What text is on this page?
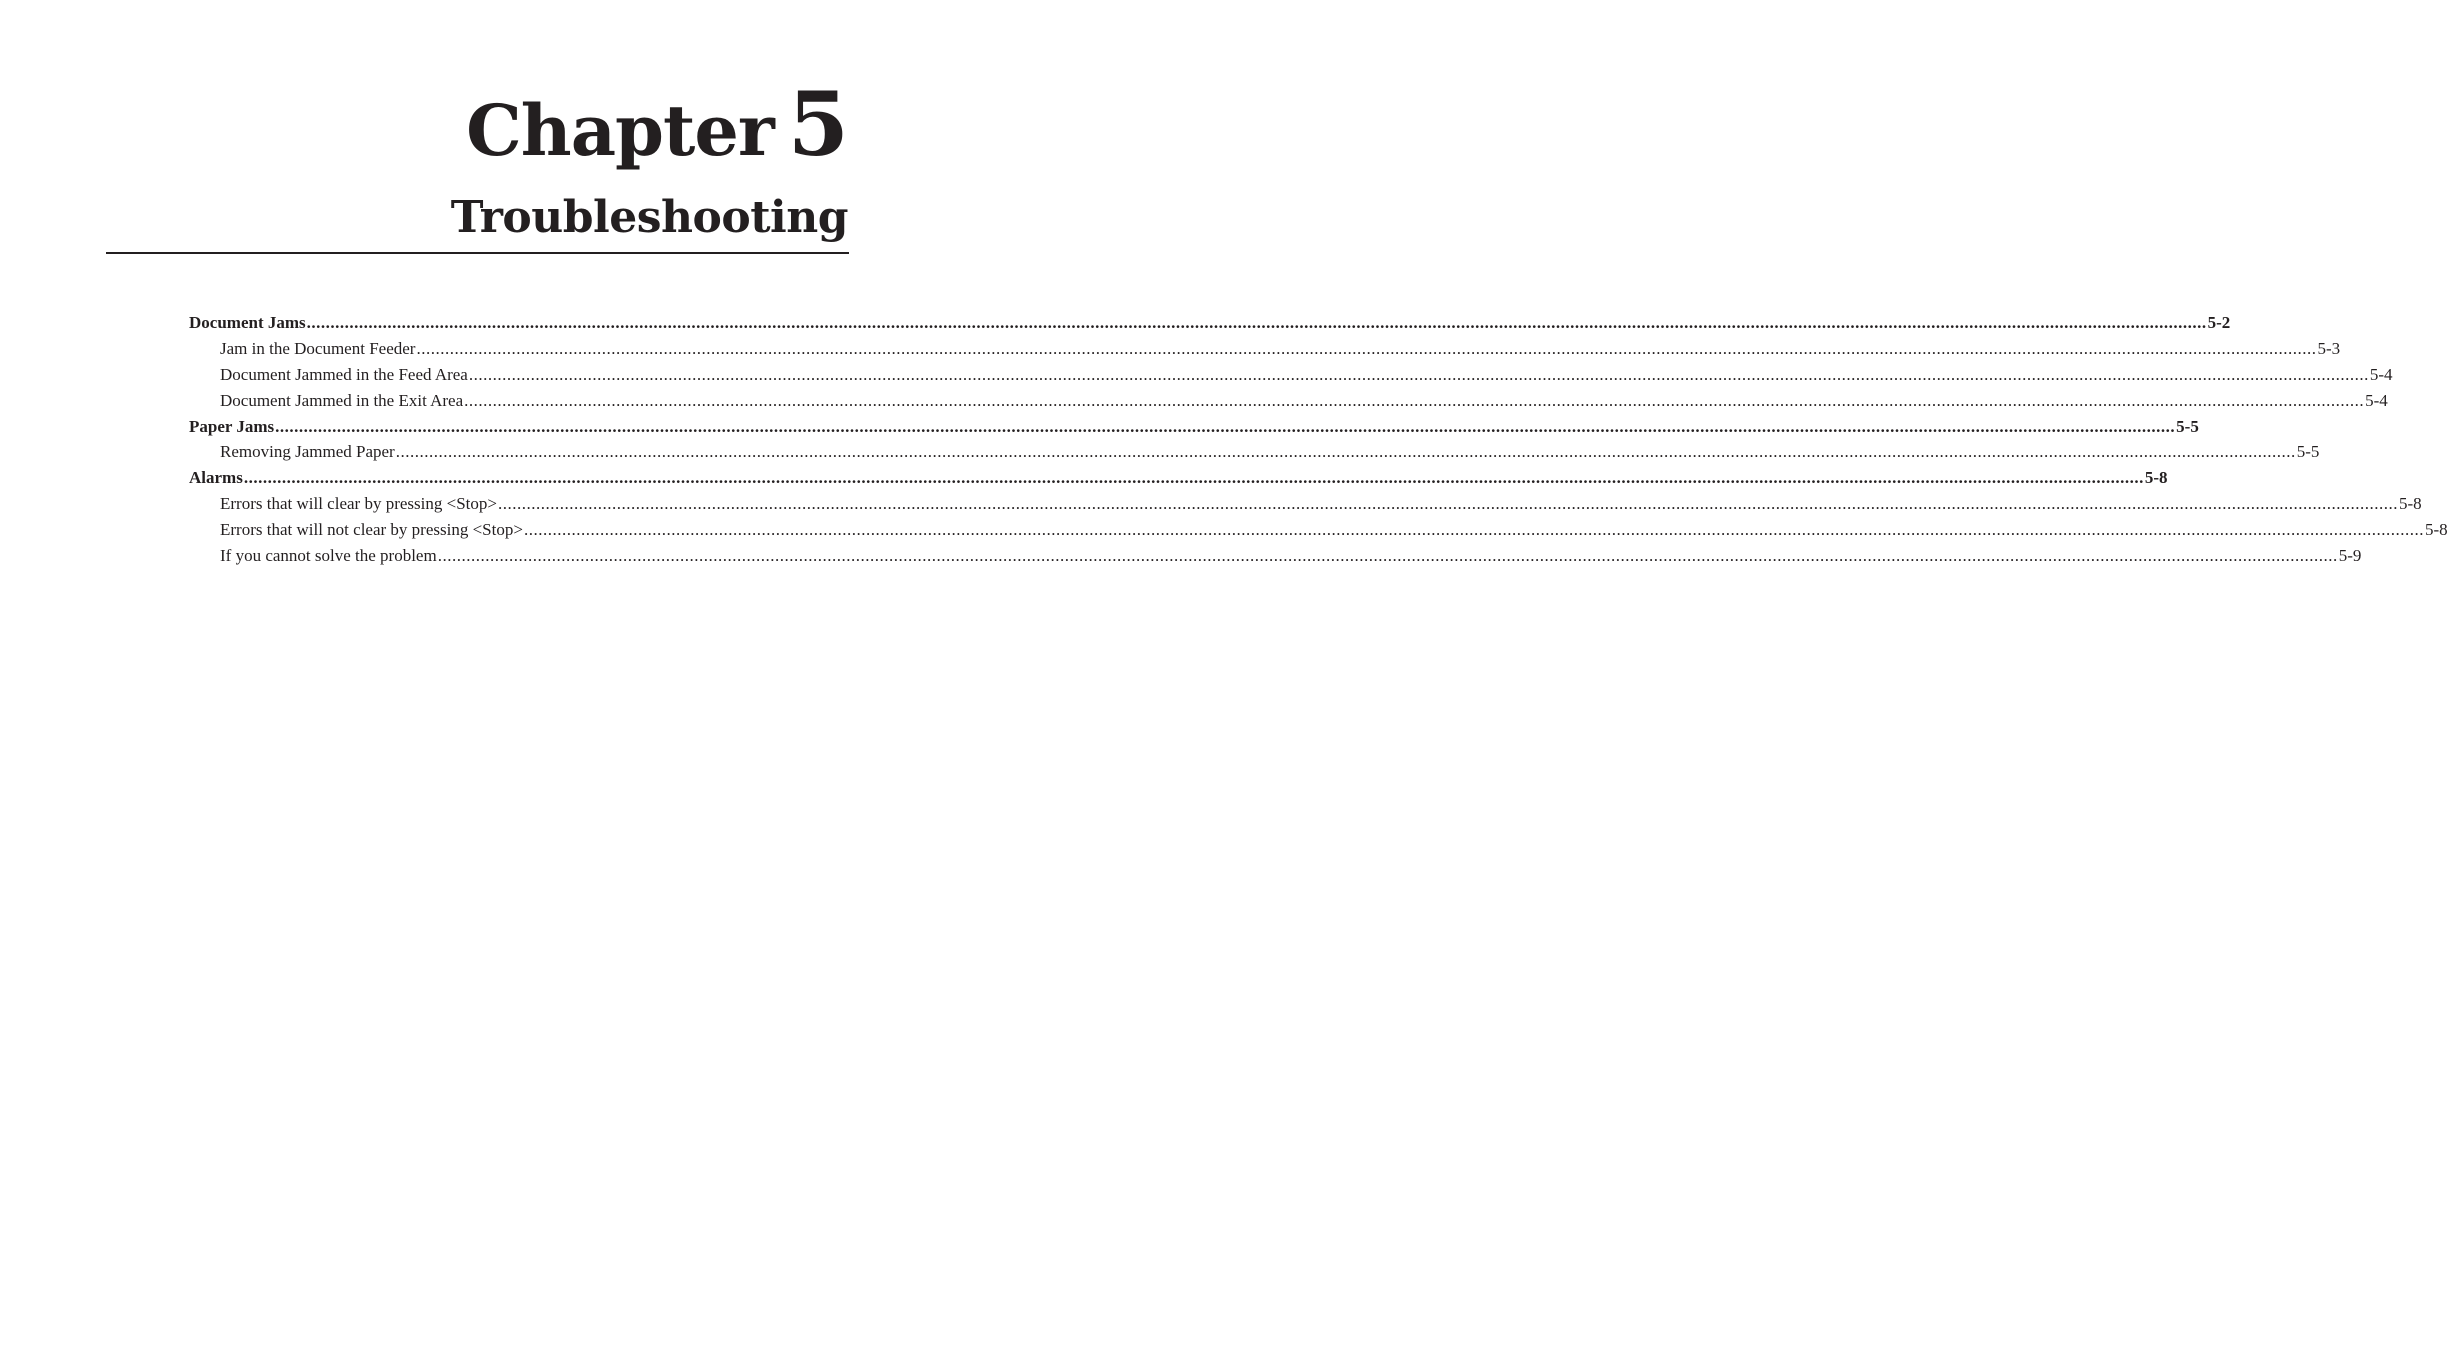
Chapter 5
Troubleshooting
Document Jams ................................................................................................................................................................................................................................................................................................................................................................................................................ 5-2
Jam in the Document Feeder ................................................................................................................................................................................................................................................................................................................................................................................................................ 5-3
Document Jammed in the Feed Area ................................................................................................................................................................................................................................................................................................................................................................................................................ 5-4
Document Jammed in the Exit Area ................................................................................................................................................................................................................................................................................................................................................................................................................ 5-4
Paper Jams ................................................................................................................................................................................................................................................................................................................................................................................................................ 5-5
Removing Jammed Paper ................................................................................................................................................................................................................................................................................................................................................................................................................ 5-5
Alarms ................................................................................................................................................................................................................................................................................................................................................................................................................ 5-8
Errors that will clear by pressing <Stop> ................................................................................................................................................................................................................................................................................................................................................................................................................ 5-8
Errors that will not clear by pressing <Stop> ................................................................................................................................................................................................................................................................................................................................................................................................................ 5-8
If you cannot solve the problem ................................................................................................................................................................................................................................................................................................................................................................................................................ 5-9
